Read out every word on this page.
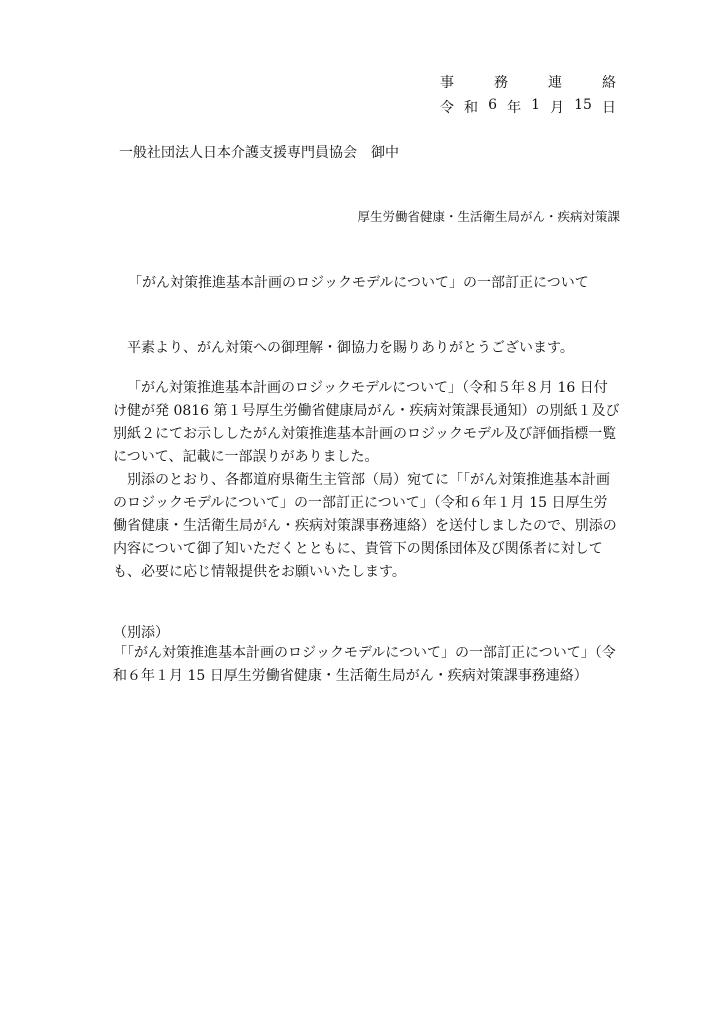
事	務	連	絡
令 和 6 年 1 月 15 日
一般社団法人日本介護支援専門員協会　御中
厚生労働省健康・生活衛生局がん・疾病対策課
「がん対策推進基本計画のロジックモデルについて」の一部訂正について
平素より、がん対策への御理解・御協力を賜りありがとうございます。
「がん対策推進基本計画のロジックモデルについて」（令和５年８月 16 日付け健が発 0816 第１号厚生労働省健康局がん・疾病対策課長通知）の別紙１及び別紙２にてお示ししたがん対策推進基本計画のロジックモデル及び評価指標一覧について、記載に一部誤りがありました。
別添のとおり、各都道府県衛生主管部（局）宛てに「「がん対策推進基本計画のロジックモデルについて」の一部訂正について」（令和６年１月 15 日厚生労働省健康・生活衛生局がん・疾病対策課事務連絡）を送付しましたので、別添の内容について御了知いただくとともに、貴管下の関係団体及び関係者に対しても、必要に応じ情報提供をお願いいたします。
（別添）
「「がん対策推進基本計画のロジックモデルについて」の一部訂正について」（令和６年１月 15 日厚生労働省健康・生活衛生局がん・疾病対策課事務連絡）
